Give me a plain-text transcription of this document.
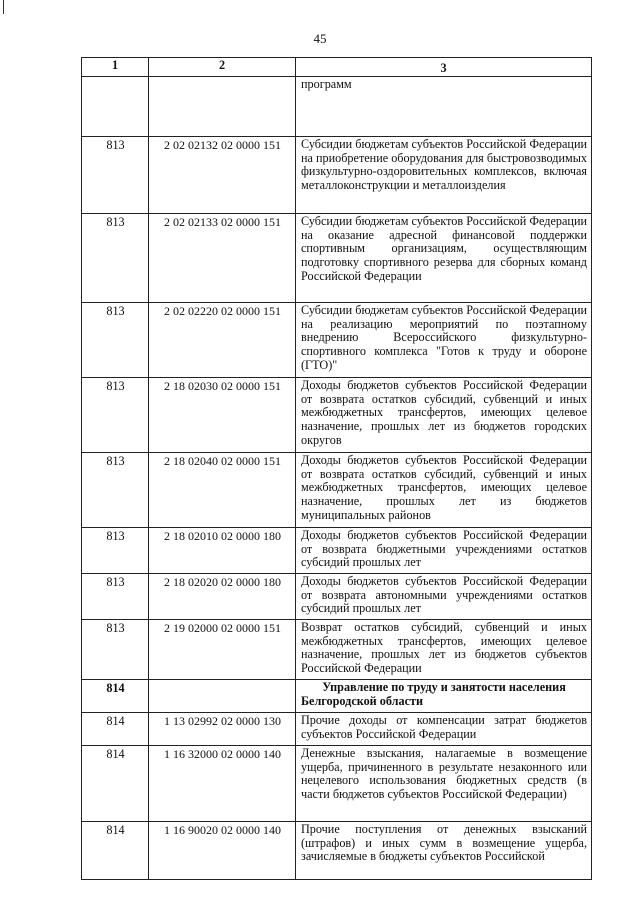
45
1	2	3
		программ
813	2 02 02132 02 0000 151	Субсидии бюджетам субъектов Российской Федерации на приобретение оборудования для быстровозводимых физкультурно-оздоровительных комплексов, включая металлоконструкции и металлоизделия
813	2 02 02133 02 0000 151	Субсидии бюджетам субъектов Российской Федерации на оказание адресной финансовой поддержки спортивным организациям, осуществляющим подготовку спортивного резерва для сборных команд Российской Федерации
813	2 02 02220 02 0000 151	Субсидии бюджетам субъектов Российской Федерации на реализацию мероприятий по поэтапному внедрению Всероссийского физкультурно-спортивного комплекса "Готов к труду и обороне (ГТО)"
813	2 18 02030 02 0000 151	Доходы бюджетов субъектов Российской Федерации от возврата остатков субсидий, субвенций и иных межбюджетных трансфертов, имеющих целевое назначение, прошлых лет из бюджетов городских округов
813	2 18 02040 02 0000 151	Доходы бюджетов субъектов Российской Федерации от возврата остатков субсидий, субвенций и иных межбюджетных трансфертов, имеющих целевое назначение, прошлых лет из бюджетов муниципальных районов
813	2 18 02010 02 0000 180	Доходы бюджетов субъектов Российской Федерации от возврата бюджетными учреждениями остатков субсидий прошлых лет
813	2 18 02020 02 0000 180	Доходы бюджетов субъектов Российской Федерации от возврата автономными учреждениями остатков субсидий прошлых лет
813	2 19 02000 02 0000 151	Возврат остатков субсидий, субвенций и иных межбюджетных трансфертов, имеющих целевое назначение, прошлых лет из бюджетов субъектов Российской Федерации
814		Управление по труду и занятости населения Белгородской области
814	1 13 02992 02 0000 130	Прочие доходы от компенсации затрат бюджетов субъектов Российской Федерации
814	1 16 32000 02 0000 140	Денежные взыскания, налагаемые в возмещение ущерба, причиненного в результате незаконного или нецелевого использования бюджетных средств (в части бюджетов субъектов Российской Федерации)
814	1 16 90020 02 0000 140	Прочие поступления от денежных взысканий (штрафов) и иных сумм в возмещение ущерба, зачисляемые в бюджеты субъектов Российской
